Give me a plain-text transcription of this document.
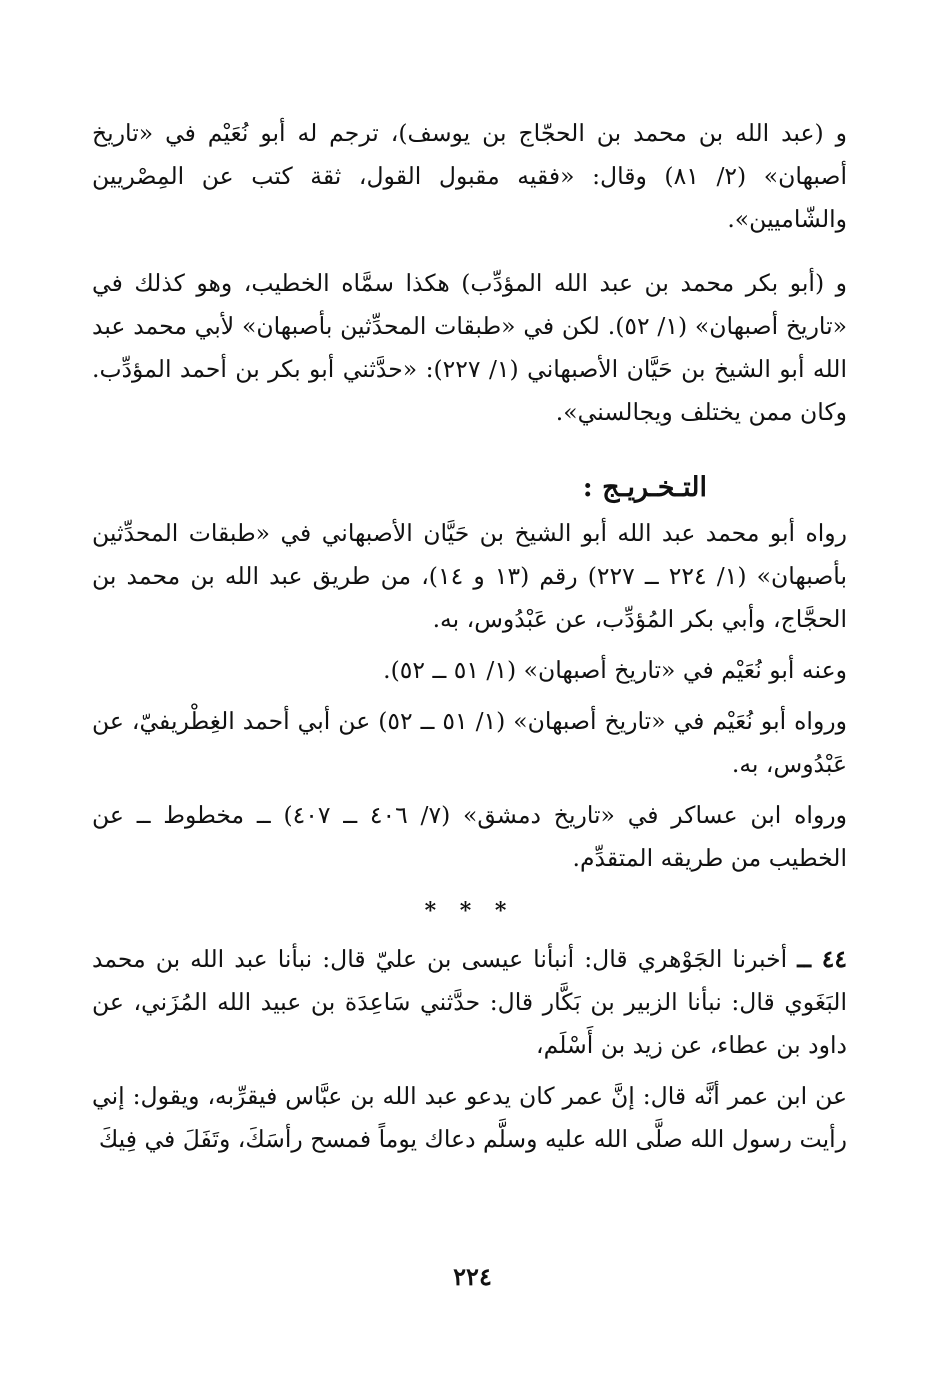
و (عبد الله بن محمد بن الحجّاج بن يوسف)، ترجم له أبو نُعَيْم في «تاريخ أصبهان» (٢/ ٨١) وقال: «فقيه مقبول القول، ثقة كتب عن المِصْريين والشّاميين».

و (أبو بكر محمد بن عبد الله المؤدِّب) هكذا سمَّاه الخطيب، وهو كذلك في «تاريخ أصبهان» (١/ ٥٢). لكن في «طبقات المحدِّثين بأصبهان» لأبي محمد عبد الله أبو الشيخ بن حَيَّان الأصبهاني (١/ ٢٢٧): «حدَّثني أبو بكر بن أحمد المؤدِّب. وكان ممن يختلف ويجالسني».

التـخـريـج :

رواه أبو محمد عبد الله أبو الشيخ بن حَيَّان الأصبهاني في «طبقات المحدِّثين بأصبهان» (١/ ٢٢٤ ــ ٢٢٧) رقم (١٣ و ١٤)، من طريق عبد الله بن محمد بن الحجَّاج، وأبي بكر المُؤدِّب، عن عَبْدُوس، به.

وعنه أبو نُعَيْم في «تاريخ أصبهان» (١/ ٥١ ــ ٥٢).

ورواه أبو نُعَيْم في «تاريخ أصبهان» (١/ ٥١ ــ ٥٢) عن أبي أحمد الغِطْريفيّ، عن عَبْدُوس، به.

ورواه ابن عساكر في «تاريخ دمشق» (٧/ ٤٠٦ ــ ٤٠٧) ــ مخطوط ــ عن الخطيب من طريقه المتقدِّم.

* * *

٤٤ ــ أخبرنا الجَوْهري قال: أنبأنا عيسى بن عليّ قال: نبأنا عبد الله بن محمد البَغَوي قال: نبأنا الزبير بن بَكَّار قال: حدَّثني سَاعِدَة بن عبيد الله المُزَني، عن داود بن عطاء، عن زيد بن أَسْلَم،

عن ابن عمر أنَّه قال: إنَّ عمر كان يدعو عبد الله بن عبَّاس فيقرِّبه، ويقول: إني رأيت رسول الله صلَّى الله عليه وسلَّم دعاك يوماً فمسح رأسَكَ، وتَفَلَ في فِيكَ

٢٢٤
